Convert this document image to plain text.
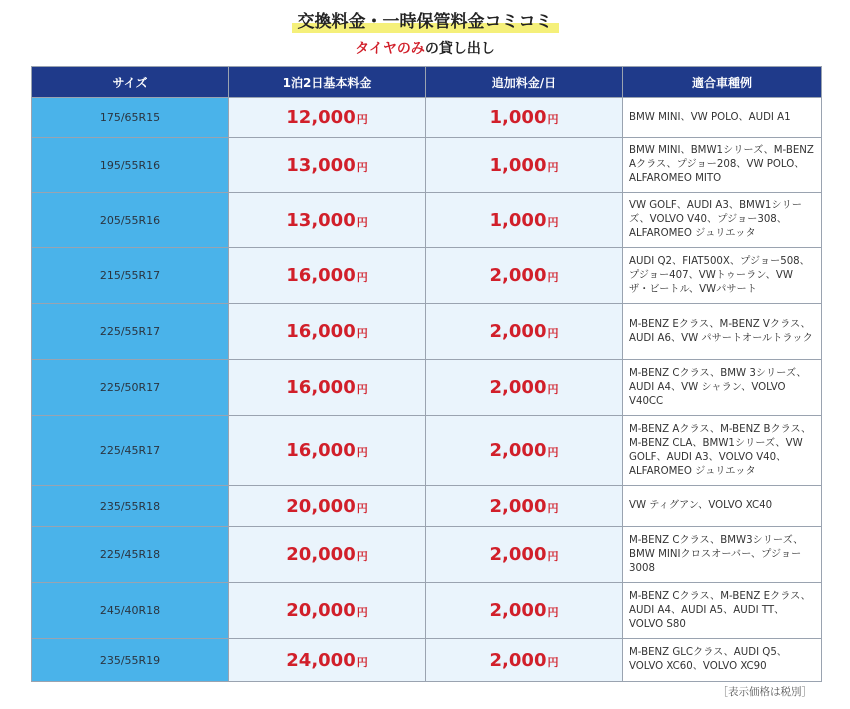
交換料金・一時保管料金コミコミ
タイヤのみの貸し出し
サイズ	1泊2日基本料金	追加料金/日	適合車種例
175/65R15	12,000円	1,000円	BMW MINI、VW POLO、AUDI A1
195/55R16	13,000円	1,000円	BMW MINI、BMW1シリーズ、M-BENZ Aクラス、プジョー208、VW POLO、ALFAROMEO MITO
205/55R16	13,000円	1,000円	VW GOLF、AUDI A3、BMW1シリーズ、VOLVO V40、プジョー308、ALFAROMEO ジュリエッタ
215/55R17	16,000円	2,000円	AUDI Q2、FIAT500X、プジョー508、プジョー407、VWトゥーラン、VW ザ・ビートル、VWパサート
225/55R17	16,000円	2,000円	M-BENZ Eクラス、M-BENZ Vクラス、AUDI A6、VW パサートオールトラック
225/50R17	16,000円	2,000円	M-BENZ Cクラス、BMW 3シリーズ、AUDI A4、VW シャラン、VOLVO V40CC
225/45R17	16,000円	2,000円	M-BENZ Aクラス、M-BENZ Bクラス、M-BENZ CLA、BMW1シリーズ、VW GOLF、AUDI A3、VOLVO V40、ALFAROMEO ジュリエッタ
235/55R18	20,000円	2,000円	VW ティグアン、VOLVO XC40
225/45R18	20,000円	2,000円	M-BENZ Cクラス、BMW3シリーズ、BMW MINIクロスオーバー、プジョー3008
245/40R18	20,000円	2,000円	M-BENZ Cクラス、M-BENZ Eクラス、AUDI A4、AUDI A5、AUDI TT、VOLVO S80
235/55R19	24,000円	2,000円	M-BENZ GLCクラス、AUDI Q5、VOLVO XC60、VOLVO XC90
［表示価格は税別］
